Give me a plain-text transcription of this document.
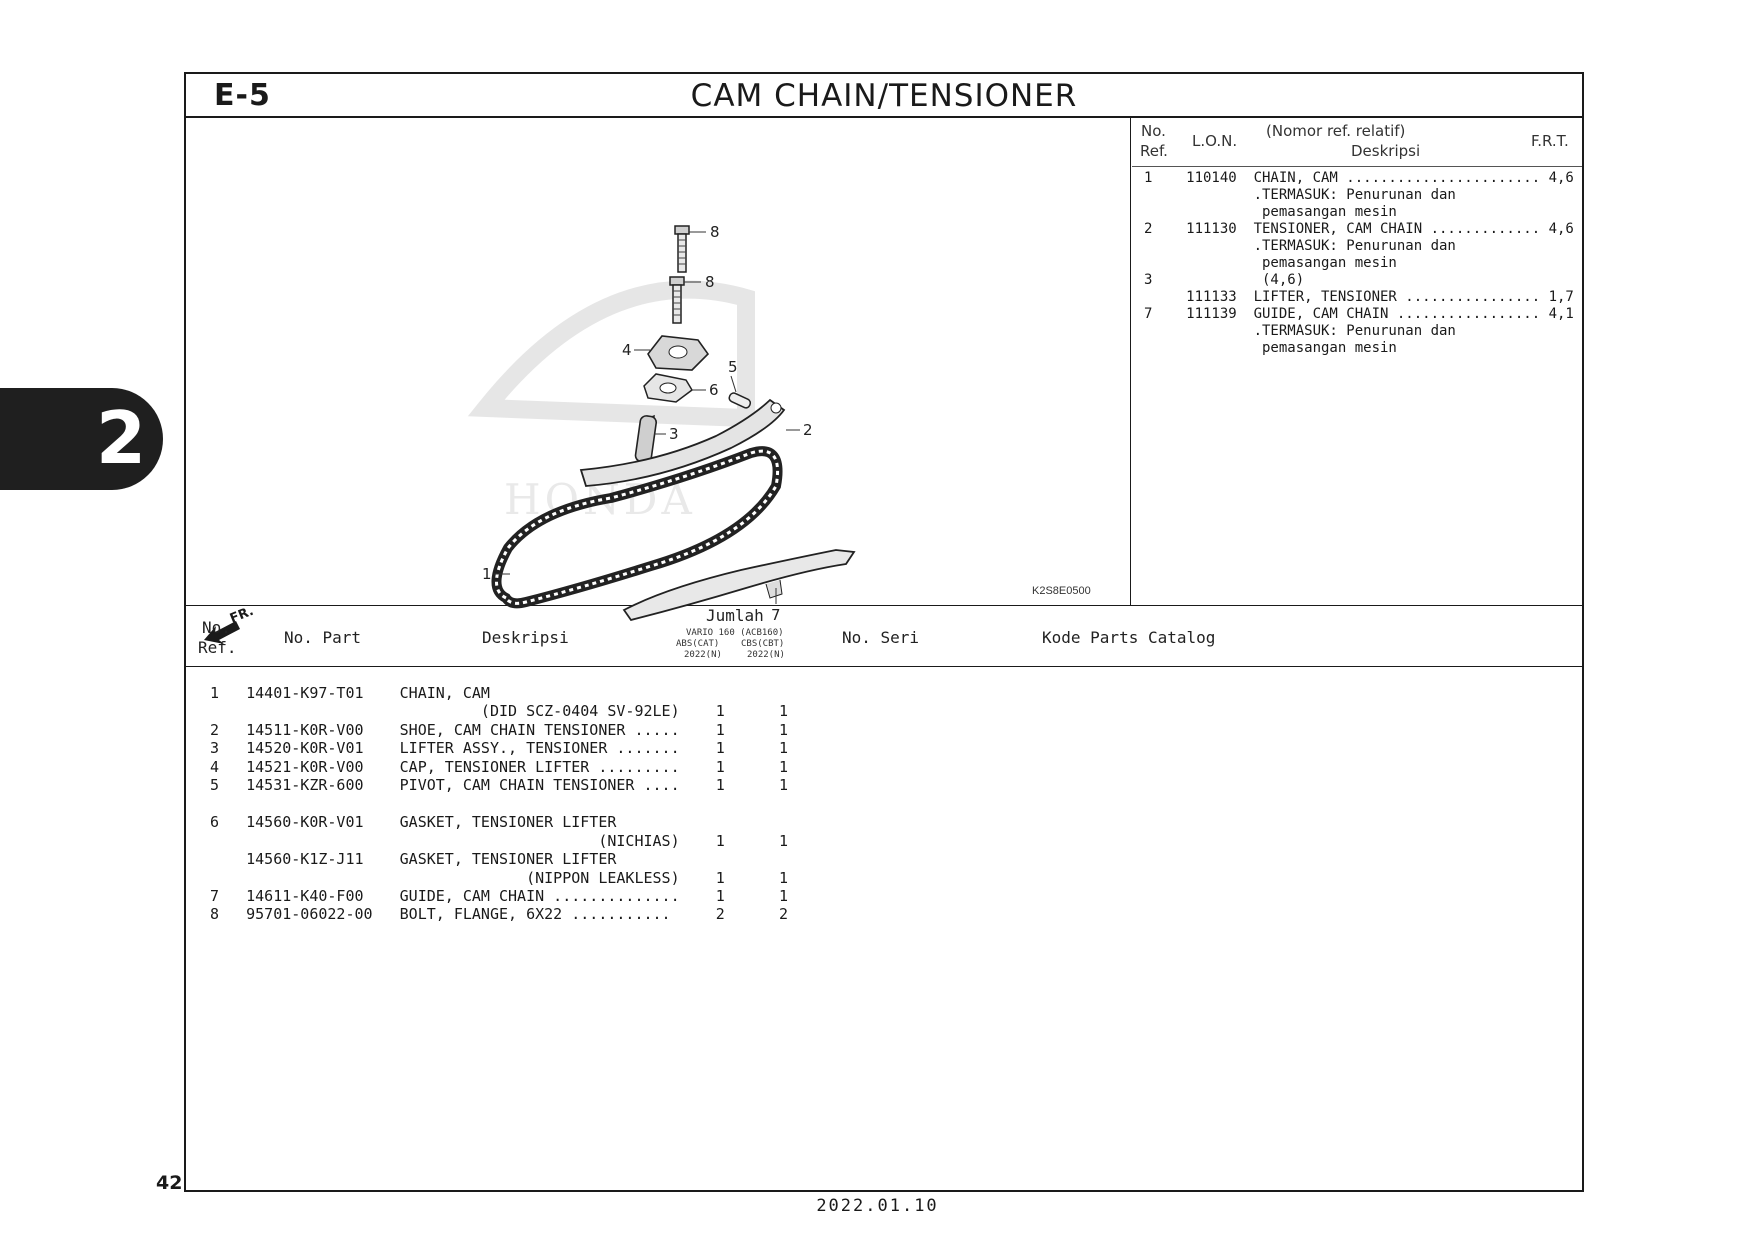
2
E-5	CAM CHAIN/TENSIONER
HONDA
8
8
4
6
5
3	2
1
7
FR.
K2S8E0500
No.
Ref.
L.O.N.
(Nomor ref. relatif)
Deskripsi
F.R.T.
1    110140  CHAIN, CAM ....................... 4,6
.TERMASUK: Penurunan dan
pemasangan mesin
2    111130  TENSIONER, CAM CHAIN ............. 4,6
.TERMASUK: Penurunan dan
pemasangan mesin
3             (4,6)
111133  LIFTER, TENSIONER ................ 1,7
7    111139  GUIDE, CAM CHAIN ................. 4,1
.TERMASUK: Penurunan dan
pemasangan mesin
No.
Ref.
No. Part	Deskripsi
Jumlah
VARIO 160 (ACB160)
ABS(CAT) CBS(CBT)
2022(N)	2022(N)
No. Seri	Kode Parts Catalog
1   14401-K97-T01    CHAIN, CAM
(DID SCZ-0404 SV-92LE)    1      1
2   14511-K0R-V00    SHOE, CAM CHAIN TENSIONER .....    1      1
3   14520-K0R-V01    LIFTER ASSY., TENSIONER .......    1      1
4   14521-K0R-V00    CAP, TENSIONER LIFTER .........    1      1
5   14531-KZR-600    PIVOT, CAM CHAIN TENSIONER ....    1      1
6   14560-K0R-V01    GASKET, TENSIONER LIFTER
(NICHIAS)    1      1
14560-K1Z-J11    GASKET, TENSIONER LIFTER
(NIPPON LEAKLESS)    1      1
7   14611-K40-F00    GUIDE, CAM CHAIN ..............    1      1
8   95701-06022-00   BOLT, FLANGE, 6X22 ...........     2      2
42
2022.01.10
